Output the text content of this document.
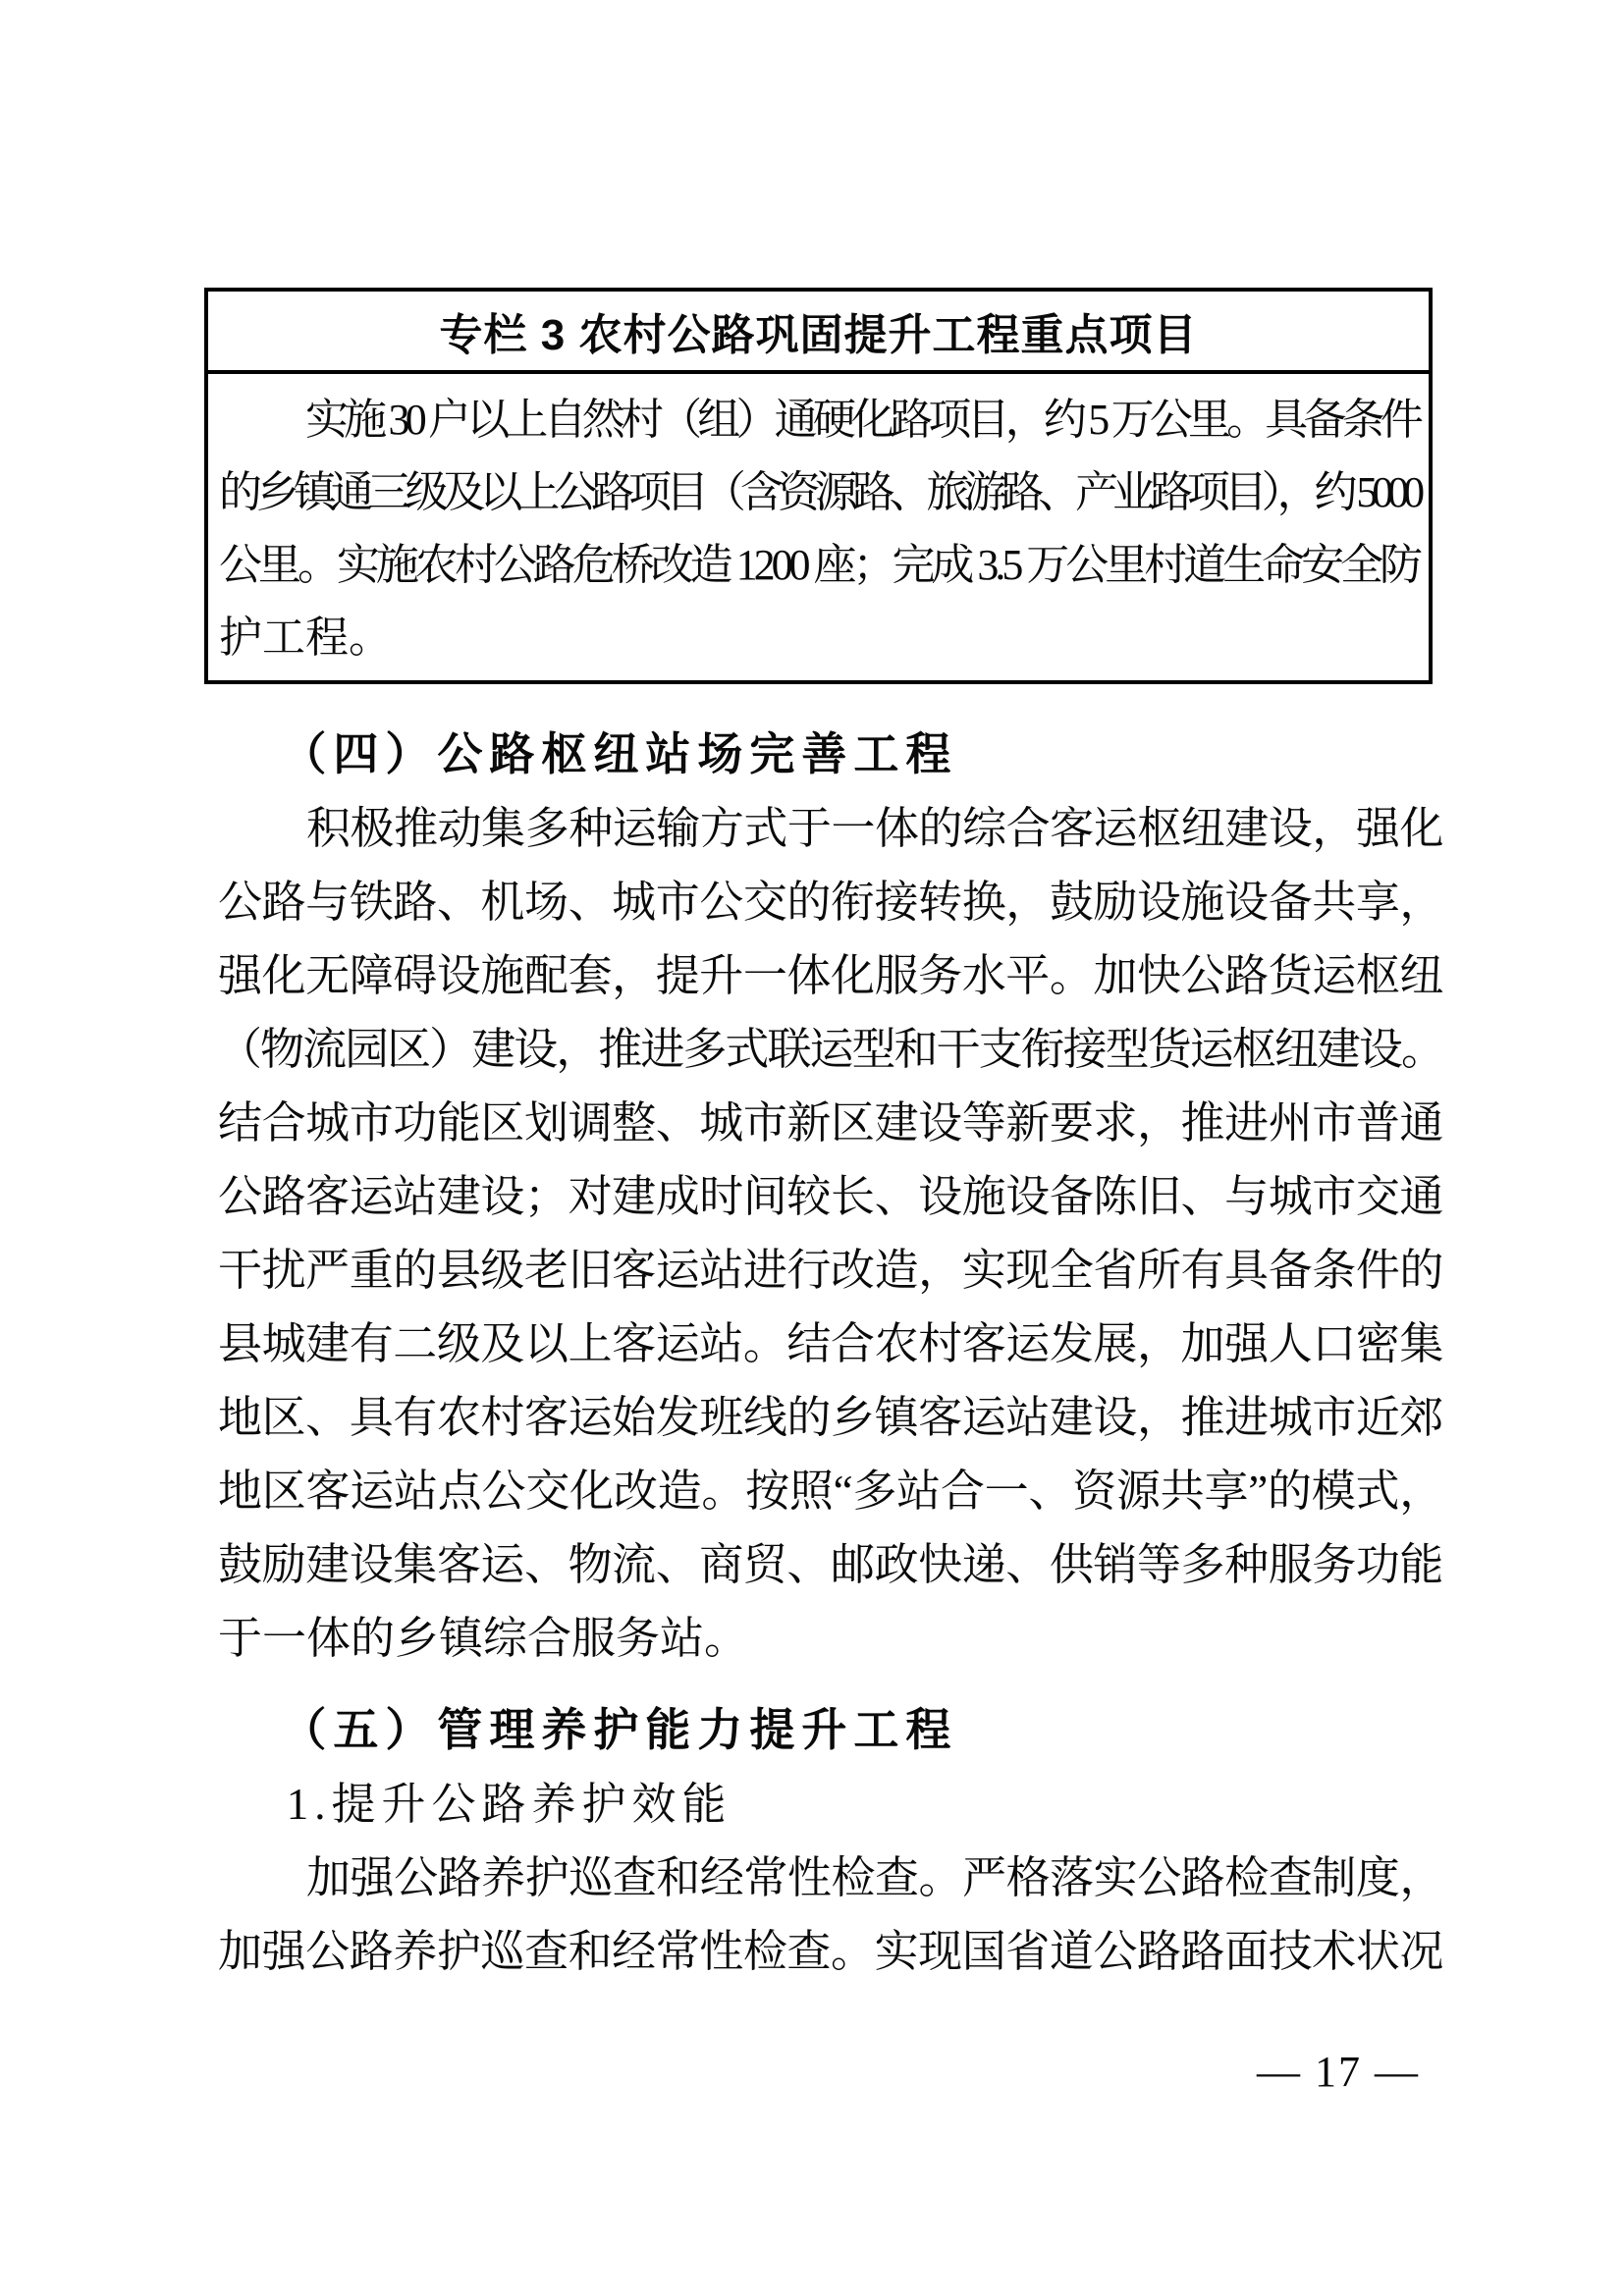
专栏 3 农村公路巩固提升工程重点项目
实施 30 户以上自然村（组）通硬化路项目，约 5 万公里。具备条件
的乡镇通三级及以上公路项目（含资源路、旅游路、产业路项目），约 5000
公里。实施农村公路危桥改造 1200 座；完成 3.5 万公里村道生命安全防
护工程。
（四）公路枢纽站场完善工程
积极推动集多种运输方式于一体的综合客运枢纽建设，强化
公路与铁路、机场、城市公交的衔接转换，鼓励设施设备共享，
强化无障碍设施配套，提升一体化服务水平。加快公路货运枢纽
（物流园区）建设，推进多式联运型和干支衔接型货运枢纽建设。
结合城市功能区划调整、城市新区建设等新要求，推进州市普通
公路客运站建设；对建成时间较长、设施设备陈旧、与城市交通
干扰严重的县级老旧客运站进行改造，实现全省所有具备条件的
县城建有二级及以上客运站。结合农村客运发展，加强人口密集
地区、具有农村客运始发班线的乡镇客运站建设，推进城市近郊
地区客运站点公交化改造。按照“多站合一、资源共享”的模式，
鼓励建设集客运、物流、商贸、邮政快递、供销等多种服务功能
于一体的乡镇综合服务站。
（五）管理养护能力提升工程
1.提升公路养护效能
加强公路养护巡查和经常性检查。严格落实公路检查制度，
加强公路养护巡查和经常性检查。实现国省道公路路面技术状况
— 17 —
